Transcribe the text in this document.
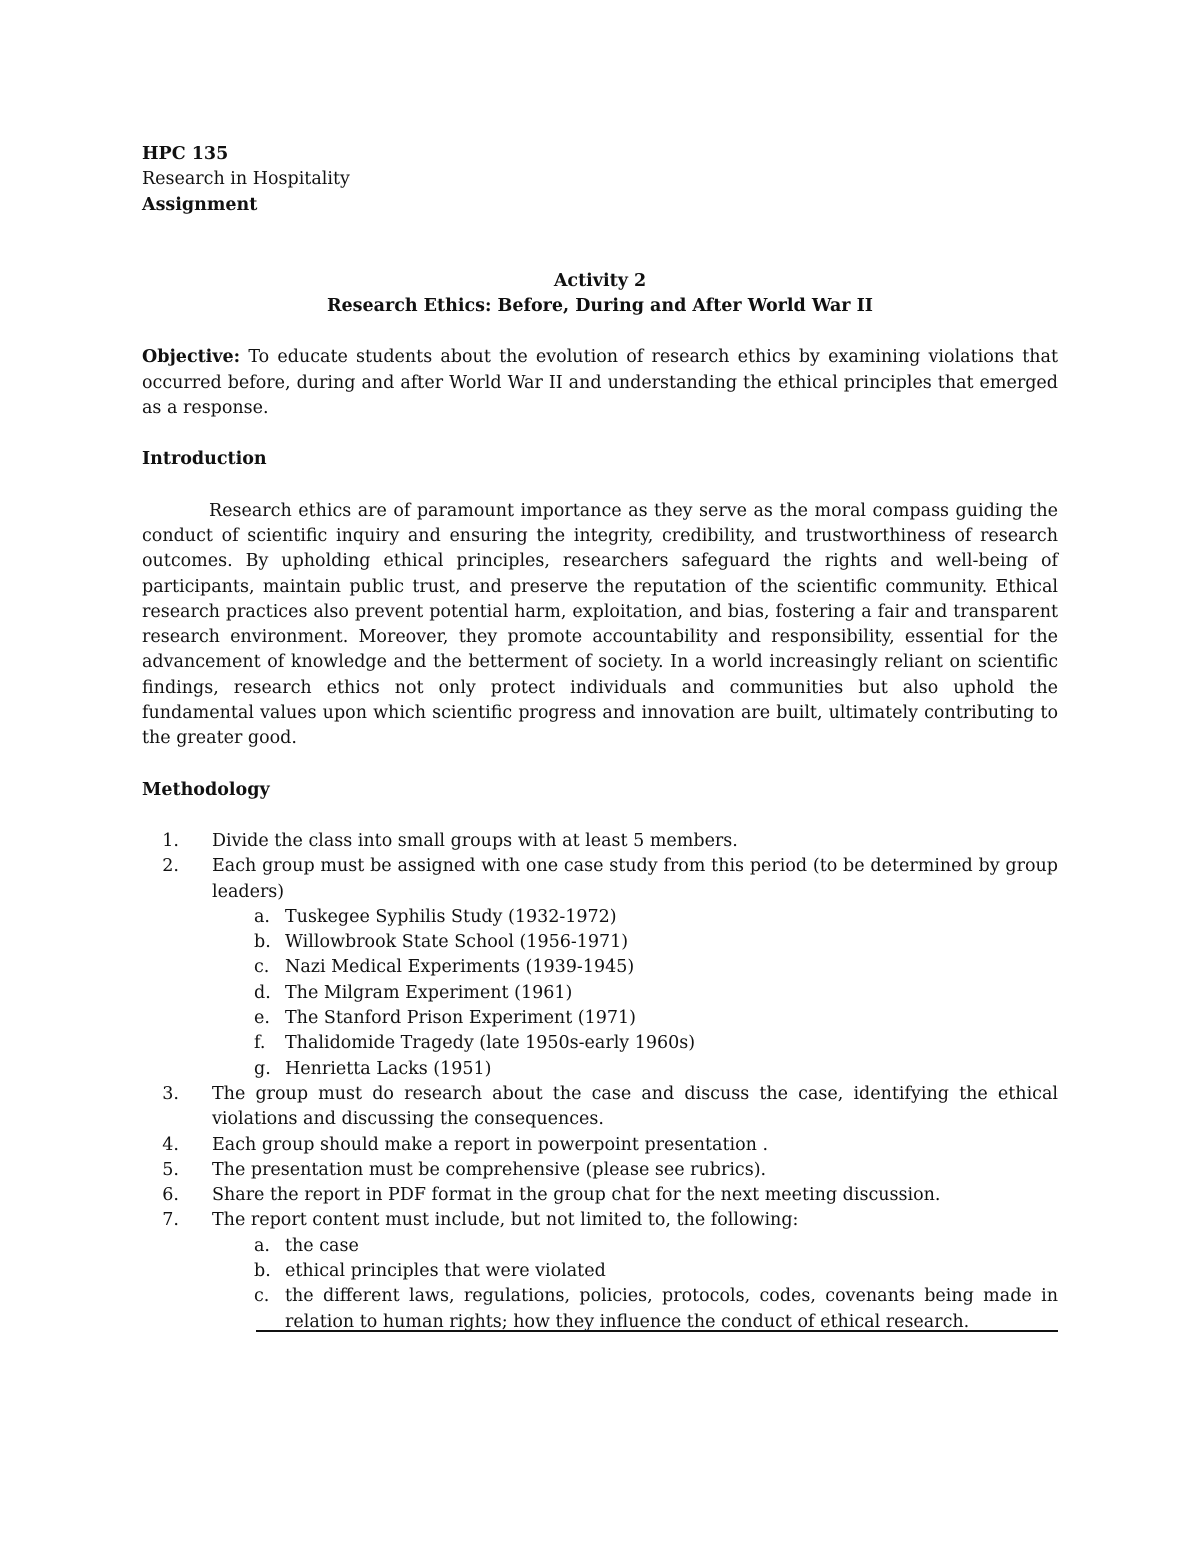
HPC 135

Research in Hospitality

Assignment

Activity 2

Research Ethics: Before, During and After World War II

Objective: To educate students about the evolution of research ethics by examining violations that occurred before, during and after World War II and understanding the ethical principles that emerged as a response.

Introduction

Research ethics are of paramount importance as they serve as the moral compass guiding the conduct of scientific inquiry and ensuring the integrity, credibility, and trustworthiness of research outcomes. By upholding ethical principles, researchers safeguard the rights and well-being of participants, maintain public trust, and preserve the reputation of the scientific community. Ethical research practices also prevent potential harm, exploitation, and bias, fostering a fair and transparent research environment. Moreover, they promote accountability and responsibility, essential for the advancement of knowledge and the betterment of society. In a world increasingly reliant on scientific findings, research ethics not only protect individuals and communities but also uphold the fundamental values upon which scientific progress and innovation are built, ultimately contributing to the greater good.

Methodology

1. Divide the class into small groups with at least 5 members.
2. Each group must be assigned with one case study from this period (to be determined by group leaders)
a. Tuskegee Syphilis Study (1932-1972)
b. Willowbrook State School (1956-1971)
c. Nazi Medical Experiments (1939-1945)
d. The Milgram Experiment (1961)
e. The Stanford Prison Experiment (1971)
f.	Thalidomide Tragedy (late 1950s-early 1960s)
g. Henrietta Lacks (1951)
3. The group must do research about the case and discuss the case, identifying the ethical violations and discussing the consequences.
4. Each group should make a report in powerpoint presentation .
5. The presentation must be comprehensive (please see rubrics).
6. Share the report in PDF format in the group chat for the next meeting discussion.
7. The report content must include, but not limited to, the following:
a. the case
b. ethical principles that were violated
c. the different laws, regulations, policies, protocols, codes, covenants being made in relation to human rights; how they influence the conduct of ethical research.
